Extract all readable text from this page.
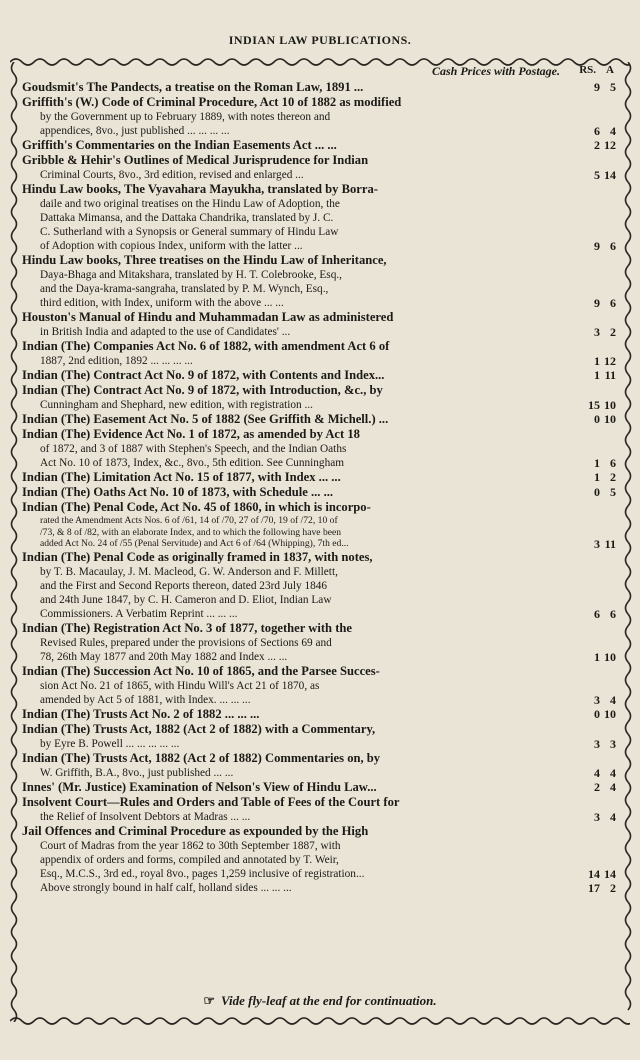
INDIAN LAW PUBLICATIONS.
Cash Prices with Postage. RS. A
Goudsmit's The Pandects, a treatise on the Roman Law, 1891 ...	9 5
Griffith's (W.) Code of Criminal Procedure, Act 10 of 1882 as modified
by the Government up to February 1889, with notes thereon and
appendices, 8vo., just published ... ... ... ...	6 4
Griffith's Commentaries on the Indian Easements Act ... ...	2 12
Gribble & Hehir's Outlines of Medical Jurisprudence for Indian
Criminal Courts, 8vo., 3rd edition, revised and enlarged ...	5 14
Hindu Law books, The Vyavahara Mayukha, translated by Borra-
daile and two original treatises on the Hindu Law of Adoption, the
Dattaka Mimansa, and the Dattaka Chandrika, translated by J. C.
C. Sutherland with a Synopsis or General summary of Hindu Law
of Adoption with copious Index, uniform with the latter ...	9 6
Hindu Law books, Three treatises on the Hindu Law of Inheritance,
Daya-Bhaga and Mitakshara, translated by H. T. Colebrooke, Esq.,
and the Daya-krama-sangraha, translated by P. M. Wynch, Esq.,
third edition, with Index, uniform with the above ... ...	9 6
Houston's Manual of Hindu and Muhammadan Law as administered
in British India and adapted to the use of Candidates' ...	3 2
Indian (The) Companies Act No. 6 of 1882, with amendment Act 6 of
1887, 2nd edition, 1892 ... ... ... ...	1 12
Indian (The) Contract Act No. 9 of 1872, with Contents and Index...	1 11
Indian (The) Contract Act No. 9 of 1872, with Introduction, &c., by
Cunningham and Shephard, new edition, with registration ...	15 10
Indian (The) Easement Act No. 5 of 1882 (See Griffith & Michell.) ...	0 10
Indian (The) Evidence Act No. 1 of 1872, as amended by Act 18
of 1872, and 3 of 1887 with Stephen's Speech, and the Indian Oaths
Act No. 10 of 1873, Index, &c., 8vo., 5th edition. See Cunningham	1 6
Indian (The) Limitation Act No. 15 of 1877, with Index ... ...	1 2
Indian (The) Oaths Act No. 10 of 1873, with Schedule ... ...	0 5
Indian (The) Penal Code, Act No. 45 of 1860, in which is incorpo-
rated the Amendment Acts Nos. 6 of /61, 14 of /70, 27 of /70, 19 of /72, 10 of
/73, & 8 of /82, with an elaborate Index, and to which the following have been
added Act No. 24 of /55 (Penal Servitude) and Act 6 of /64 (Whipping), 7th ed...	3 11
Indian (The) Penal Code as originally framed in 1837, with notes,
by T. B. Macaulay, J. M. Macleod, G. W. Anderson and F. Millett,
and the First and Second Reports thereon, dated 23rd July 1846
and 24th June 1847, by C. H. Cameron and D. Eliot, Indian Law
Commissioners. A Verbatim Reprint ... ... ...	6 6
Indian (The) Registration Act No. 3 of 1877, together with the
Revised Rules, prepared under the provisions of Sections 69 and
78, 26th May 1877 and 20th May 1882 and Index ... ...	1 10
Indian (The) Succession Act No. 10 of 1865, and the Parsee Succes-
sion Act No. 21 of 1865, with Hindu Will's Act 21 of 1870, as
amended by Act 5 of 1881, with Index. ... ... ...	3 4
Indian (The) Trusts Act No. 2 of 1882 ... ... ...	0 10
Indian (The) Trusts Act, 1882 (Act 2 of 1882) with a Commentary,
by Eyre B. Powell ... ... ... ... ...	3 3
Indian (The) Trusts Act, 1882 (Act 2 of 1882) Commentaries on, by
W. Griffith, B.A., 8vo., just published ... ...	4 4
Innes' (Mr. Justice) Examination of Nelson's View of Hindu Law...	2 4
Insolvent Court—Rules and Orders and Table of Fees of the Court for
the Relief of Insolvent Debtors at Madras ... ...	3 4
Jail Offences and Criminal Procedure as expounded by the High
Court of Madras from the year 1862 to 30th September 1887, with
appendix of orders and forms, compiled and annotated by T. Weir,
Esq., M.C.S., 3rd ed., royal 8vo., pages 1,259 inclusive of registration...	14 14
Above strongly bound in half calf, holland sides ... ... ...	17 2
☞ Vide fly-leaf at the end for continuation.
